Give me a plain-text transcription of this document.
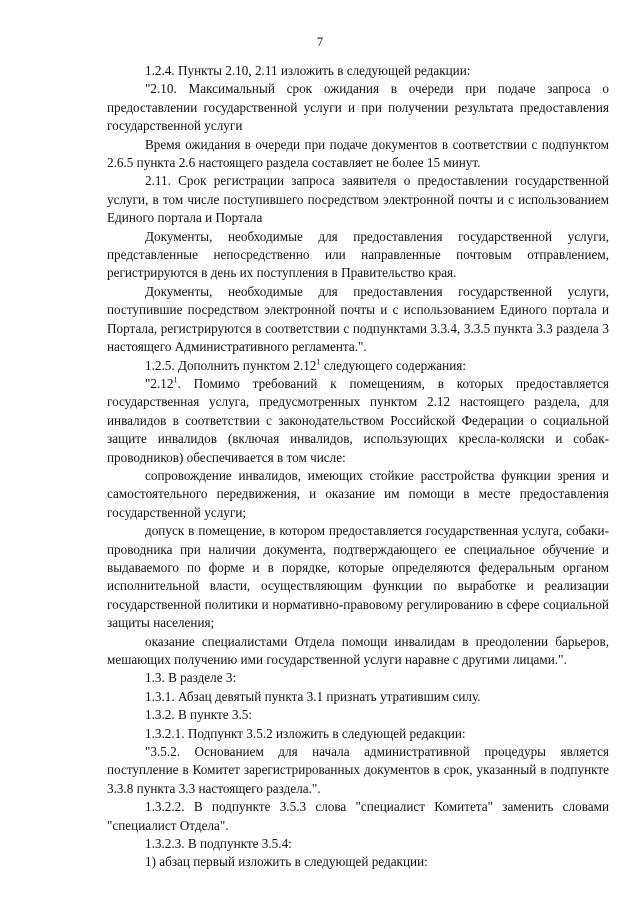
7

1.2.4. Пункты 2.10, 2.11 изложить в следующей редакции:

"2.10. Максимальный срок ожидания в очереди при подаче запроса о предоставлении государственной услуги и при получении результата предоставления государственной услуги

Время ожидания в очереди при подаче документов в соответствии с подпунктом 2.6.5 пункта 2.6 настоящего раздела составляет не более 15 минут.

2.11. Срок регистрации запроса заявителя о предоставлении государственной услуги, в том числе поступившего посредством электронной почты и с использованием Единого портала и Портала

Документы, необходимые для предоставления государственной услуги, представленные непосредственно или направленные почтовым отправлением, регистрируются в день их поступления в Правительство края.

Документы, необходимые для предоставления государственной услуги, поступившие посредством электронной почты и с использованием Единого портала и Портала, регистрируются в соответствии с подпунктами 3.3.4, 3.3.5 пункта 3.3 раздела 3 настоящего Административного регламента.".

1.2.5. Дополнить пунктом 2.12$^1$ следующего содержания:

"2.12$^1$. Помимо требований к помещениям, в которых предоставляется государственная услуга, предусмотренных пунктом 2.12 настоящего раздела, для инвалидов в соответствии с законодательством Российской Федерации о социальной защите инвалидов (включая инвалидов, использующих кресла-коляски и собак-проводников) обеспечивается в том числе:

сопровождение инвалидов, имеющих стойкие расстройства функции зрения и самостоятельного передвижения, и оказание им помощи в месте предоставления государственной услуги;

допуск в помещение, в котором предоставляется государственная услуга, собаки-проводника при наличии документа, подтверждающего ее специальное обучение и выдаваемого по форме и в порядке, которые определяются федеральным органом исполнительной власти, осуществляющим функции по выработке и реализации государственной политики и нормативно-правовому регулированию в сфере социальной защиты населения;

оказание специалистами Отдела помощи инвалидам в преодолении барьеров, мешающих получению ими государственной услуги наравне с другими лицами.".

1.3. В разделе 3:

1.3.1. Абзац девятый пункта 3.1 признать утратившим силу.

1.3.2. В пункте 3.5:

1.3.2.1. Подпункт 3.5.2 изложить в следующей редакции:

"3.5.2. Основанием для начала административной процедуры является поступление в Комитет зарегистрированных документов в срок, указанный в подпункте 3.3.8 пункта 3.3 настоящего раздела.".

1.3.2.2. В подпункте 3.5.3 слова "специалист Комитета" заменить словами "специалист Отдела".

1.3.2.3. В подпункте 3.5.4:

1) абзац первый изложить в следующей редакции:
